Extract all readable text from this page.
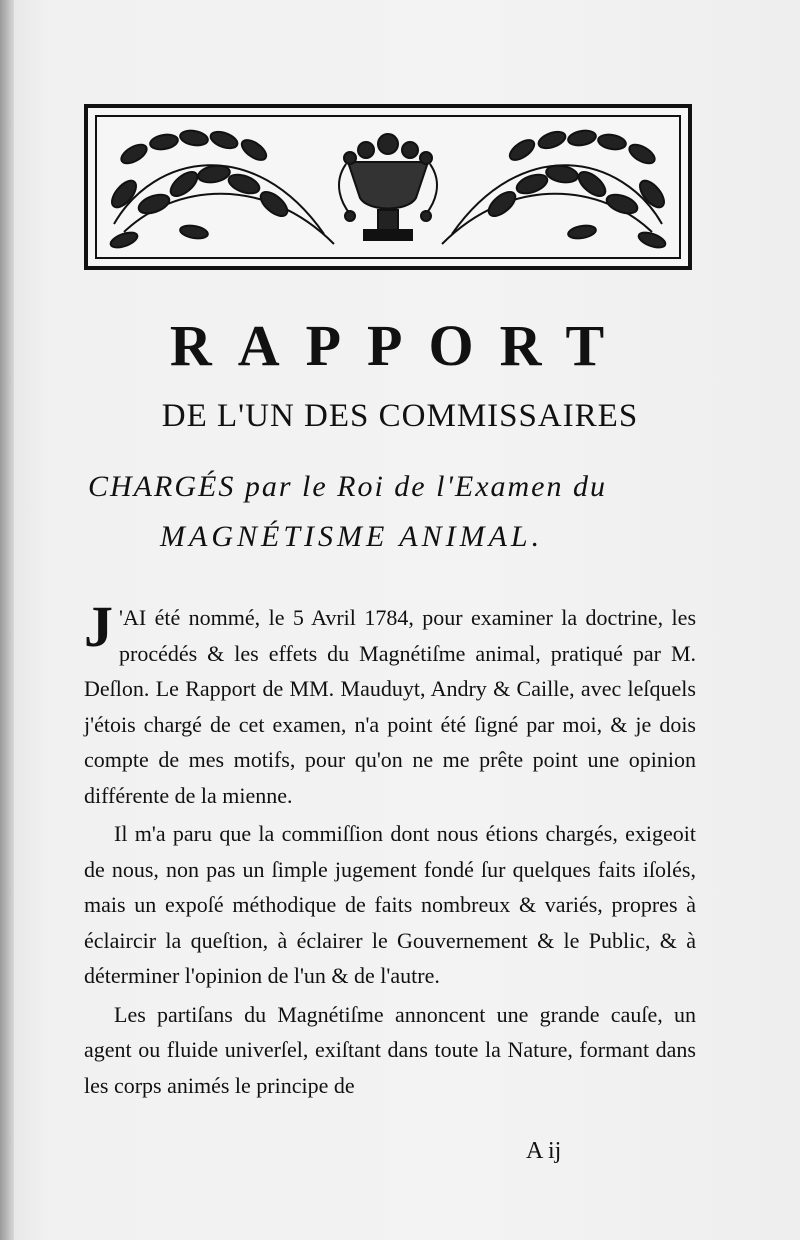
RAPPORT
DE L'UN DES COMMISSAIRES
CHARGÉS par le Roi de l'Examen du
MAGNÉTISME ANIMAL.

J 'AI été nommé, le 5 Avril 1784, pour examiner la doctrine, les procédés & les effets du Magnétiſme animal, pratiqué par M. Deſlon. Le Rapport de MM. Mauduyt, Andry & Caille, avec leſquels j'étois chargé de cet examen, n'a point été ſigné par moi, & je dois compte de mes motifs, pour qu'on ne me prête point une opinion différente de la mienne.

Il m'a paru que la commiſſion dont nous étions chargés, exigeoit de nous, non pas un ſimple jugement fondé ſur quelques faits iſolés, mais un expoſé méthodique de faits nombreux & variés, propres à éclaircir la queſtion, à éclairer le Gouvernement & le Public, & à déterminer l'opinion de l'un & de l'autre.

Les partiſans du Magnétiſme annoncent une grande cauſe, un agent ou fluide univerſel, exiſtant dans toute la Nature, formant dans les corps animés le principe de

A ij
